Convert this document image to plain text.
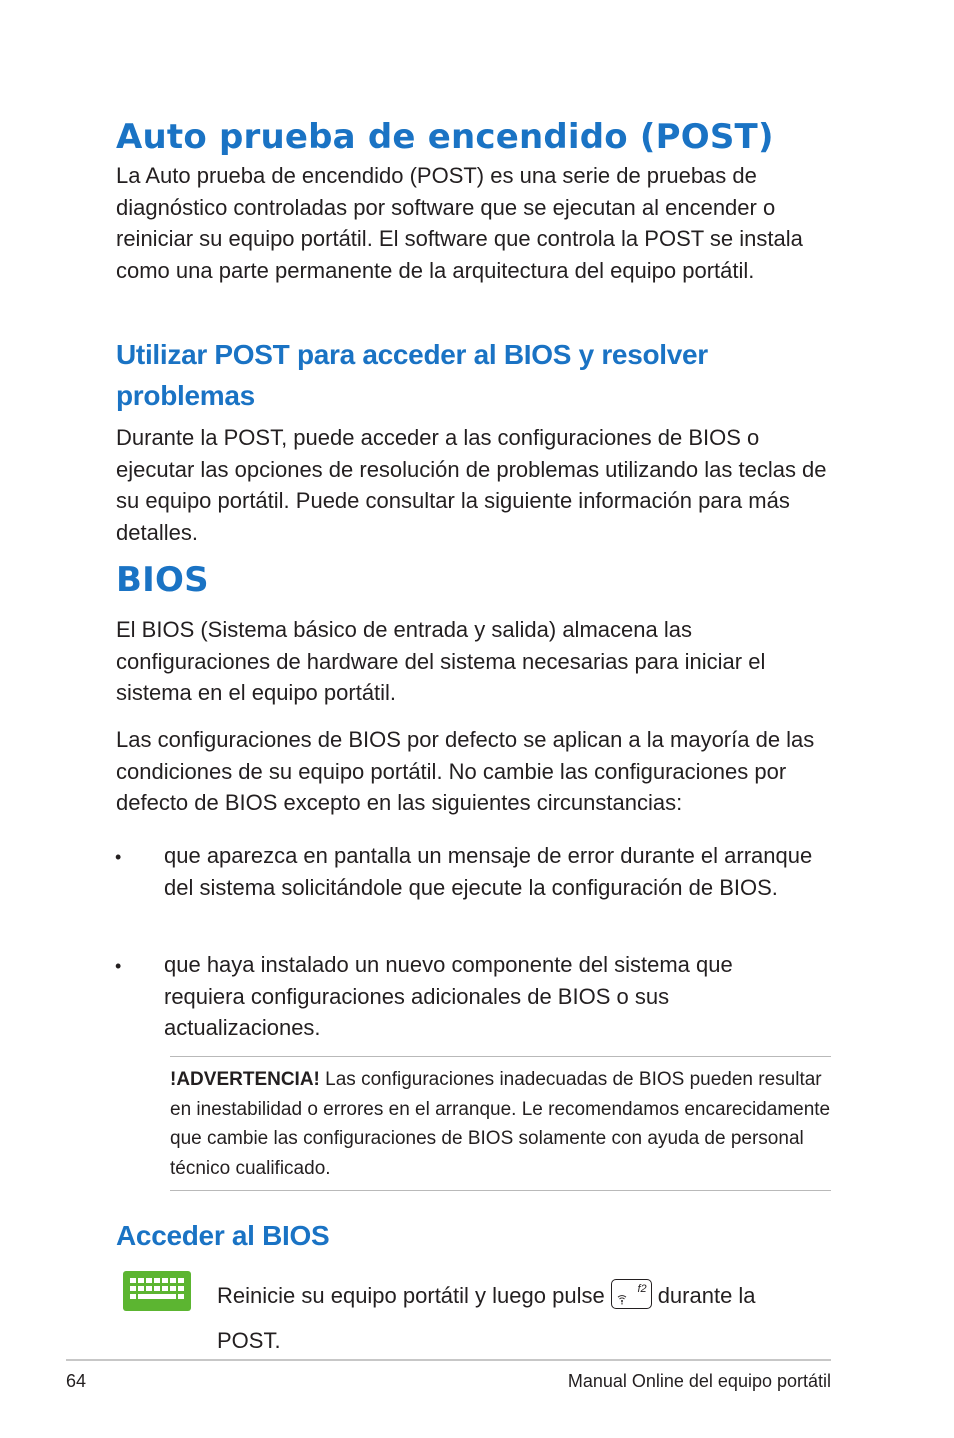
Auto prueba de encendido (POST)

La Auto prueba de encendido (POST) es una serie de pruebas de diagnóstico controladas por software que se ejecutan al encender o reiniciar su equipo portátil. El software que controla la POST se instala como una parte permanente de la arquitectura del equipo portátil.

Utilizar POST para acceder al BIOS y resolver problemas

Durante la POST, puede acceder a las configuraciones de BIOS o ejecutar las opciones de resolución de problemas utilizando las teclas de su equipo portátil. Puede consultar la siguiente información para más detalles.

BIOS

El BIOS (Sistema básico de entrada y salida) almacena las configuraciones de hardware del sistema necesarias para iniciar el sistema en el equipo portátil.

Las configuraciones de BIOS por defecto se aplican a la mayoría de las condiciones de su equipo portátil. No cambie las configuraciones por defecto de BIOS excepto en las siguientes circunstancias:

• que aparezca en pantalla un mensaje de error durante el arranque del sistema solicitándole que ejecute la configuración de BIOS.

• que haya instalado un nuevo componente del sistema que requiera configuraciones adicionales de BIOS o sus actualizaciones.

!ADVERTENCIA! Las configuraciones inadecuadas de BIOS pueden resultar en inestabilidad o errores en el arranque. Le recomendamos encarecidamente que cambie las configuraciones de BIOS solamente con ayuda de personal técnico cualificado.
Acceder al BIOS
Reinicie su equipo portátil y luego pulse	f2 durante la POST.
64	Manual Online del equipo portátil
